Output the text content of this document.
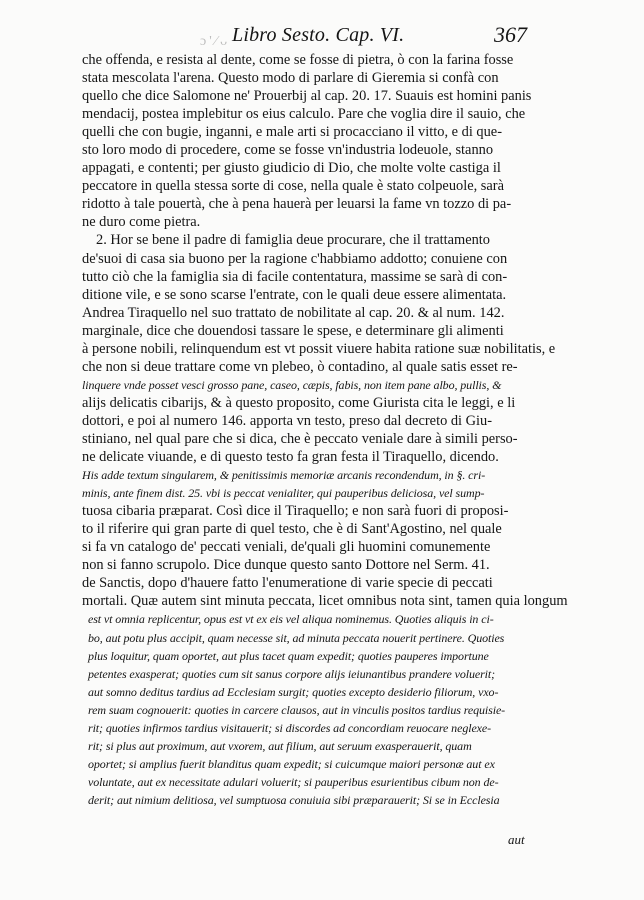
ɔ'⁄ᴗ Libro Sesto. Cap. VI.	367
che offenda, e resista al dente, come se fosse di pietra, ò con la farina fosse
stata mescolata l'arena. Questo modo di parlare di Gieremia si confà con
quello che dice Salomone ne' Prouerbij al cap. 20. 17. Suauis est homini panis
mendacij, postea implebitur os eius calculo. Pare che voglia dire il sauio, che
quelli che con bugie, inganni, e male arti si procacciano il vitto, e di que-
sto loro modo di procedere, come se fosse vn'industria lodeuole, stanno
appagati, e contenti; per giusto giudicio di Dio, che molte volte castiga il
peccatore in quella stessa sorte di cose, nella quale è stato colpeuole, sarà
ridotto à tale pouertà, che à pena hauerà per leuarsi la fame vn tozzo di pa-
ne duro come pietra.
2. Hor se bene il padre di famiglia deue procurare, che il trattamento
de'suoi di casa sia buono per la ragione c'habbiamo addotto; conuiene con
tutto ciò che la famiglia sia di facile contentatura, massime se sarà di con-
ditione vile, e se sono scarse l'entrate, con le quali deue essere alimentata.
Andrea Tiraquello nel suo trattato de nobilitate al cap. 20. & al num. 142.
marginale, dice che douendosi tassare le spese, e determinare gli alimenti
à persone nobili, relinquendum est vt possit viuere habita ratione suæ nobilitatis, e
che non si deue trattare come vn plebeo, ò contadino, al quale satis esset re-
linquere vnde posset vesci grosso pane, caseo, cæpis, fabis, non item pane albo, pullis, &
alijs delicatis cibarijs, & à questo proposito, come Giurista cita le leggi, e li
dottori, e poi al numero 146. apporta vn testo, preso dal decreto di Giu-
stiniano, nel qual pare che si dica, che è peccato veniale dare à simili perso-
ne delicate viuande, e di questo testo fa gran festa il Tiraquello, dicendo.
His adde textum singularem, & penitissimis memoriæ arcanis recondendum, in §. cri-
minis, ante finem dist. 25. vbi is peccat venialiter, qui pauperibus deliciosa, vel sump-
tuosa cibaria præparat. Così dice il Tiraquello; e non sarà fuori di proposi-
to il riferire qui gran parte di quel testo, che è di Sant'Agostino, nel quale
si fa vn catalogo de' peccati veniali, de'quali gli huomini comunemente
non si fanno scrupolo. Dice dunque questo santo Dottore nel Serm. 41.
de Sanctis, dopo d'hauere fatto l'enumeratione di varie specie di peccati
mortali. Quæ autem sint minuta peccata, licet omnibus nota sint, tamen quia longum
est vt omnia replicentur, opus est vt ex eis vel aliqua nominemus. Quoties aliquis in ci-
bo, aut potu plus accipit, quam necesse sit, ad minuta peccata nouerit pertinere. Quoties
plus loquitur, quam oportet, aut plus tacet quam expedit; quoties pauperes importune
petentes exasperat; quoties cum sit sanus corpore alijs ieiunantibus prandere voluerit;
aut somno deditus tardius ad Ecclesiam surgit; quoties excepto desiderio filiorum, vxo-
rem suam cognouerit: quoties in carcere clausos, aut in vinculis positos tardius requisie-
rit; quoties infirmos tardius visitauerit; si discordes ad concordiam reuocare neglexe-
rit; si plus aut proximum, aut vxorem, aut filium, aut seruum exasperauerit, quam
oportet; si amplius fuerit blanditus quam expedit; si cuicumque maiori personæ aut ex
voluntate, aut ex necessitate adulari voluerit; si pauperibus esurientibus cibum non de-
derit; aut nimium delitiosa, vel sumptuosa conuiuia sibi præparauerit; Si se in Ecclesia
aut
